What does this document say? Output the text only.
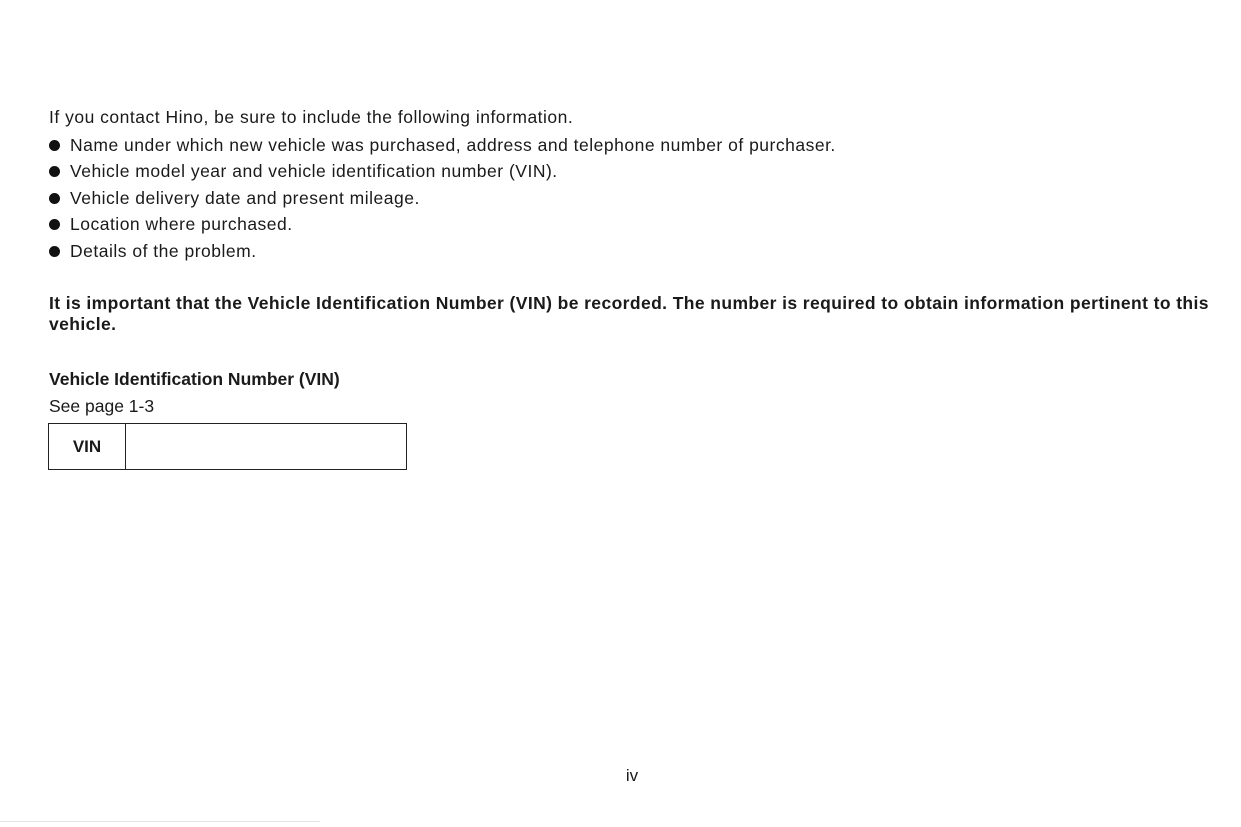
If you contact Hino, be sure to include the following information.

Name under which new vehicle was purchased, address and telephone number of purchaser.
Vehicle model year and vehicle identification number (VIN).
Vehicle delivery date and present mileage.
Location where purchased.
Details of the problem.

It is important that the Vehicle Identification Number (VIN) be recorded. The number is required to obtain information pertinent to this vehicle.

Vehicle Identification Number (VIN)

See page 1-3

VIN

iv
